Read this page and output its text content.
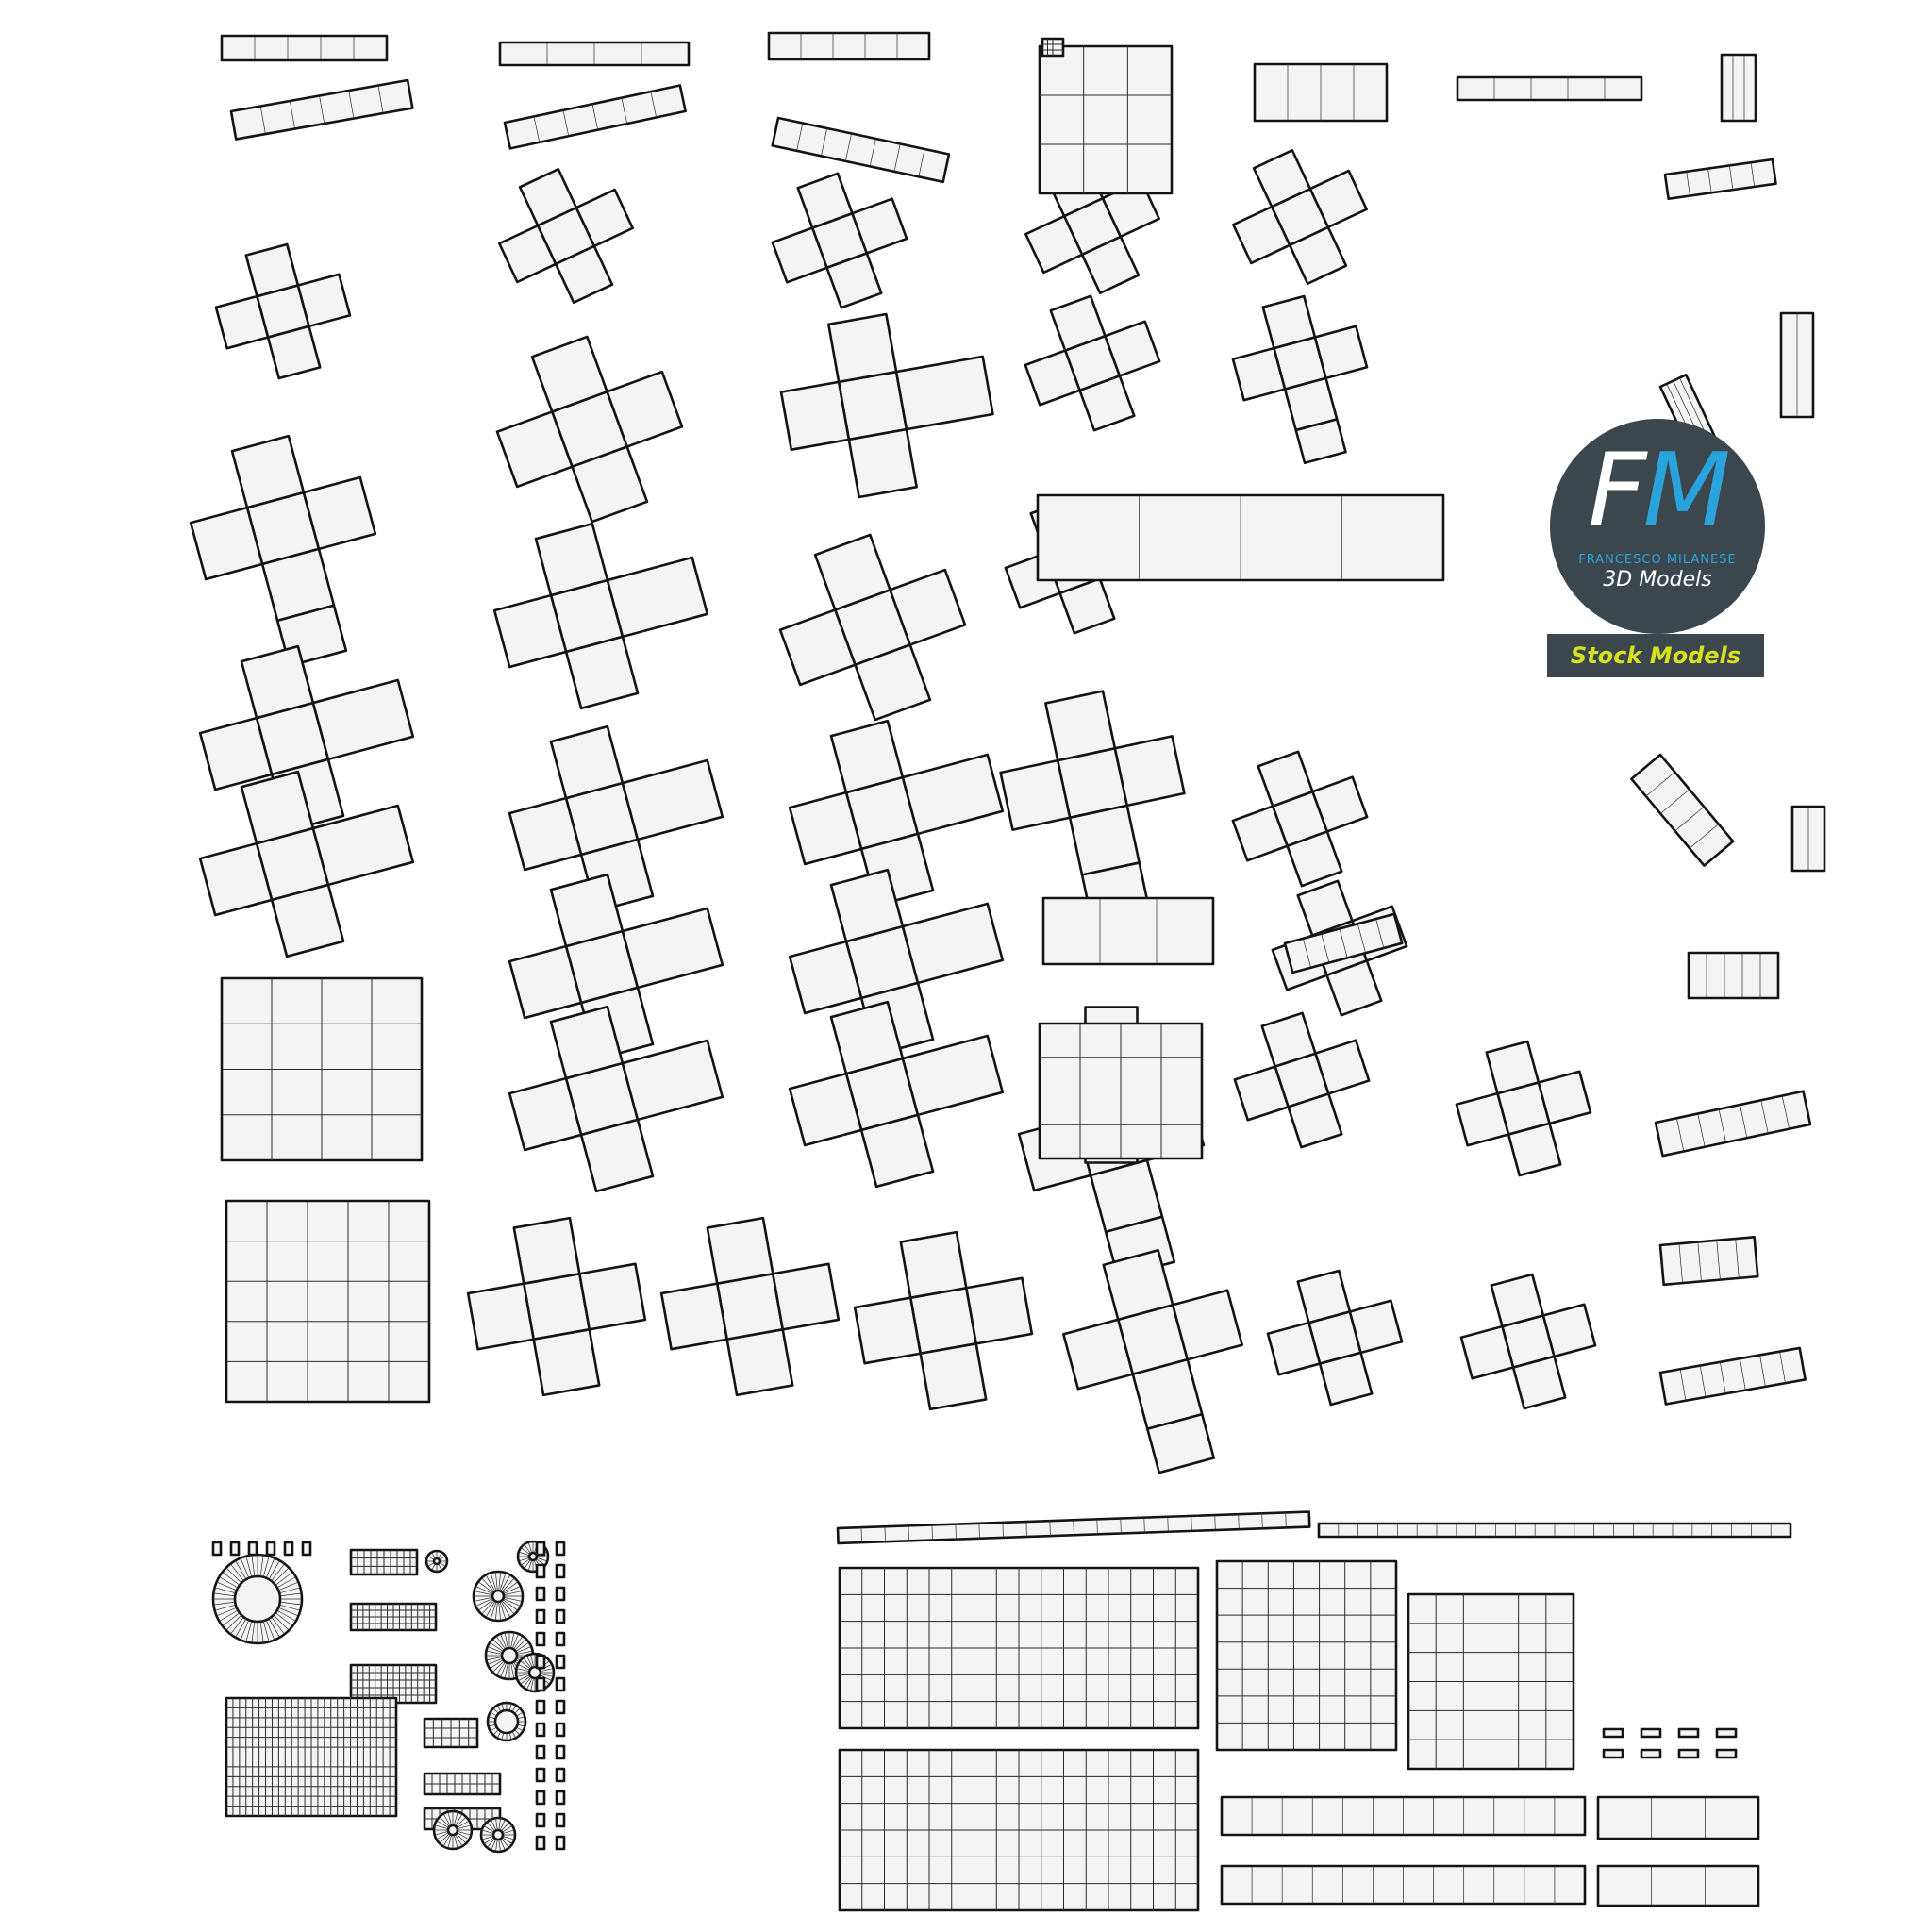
FM
FRANCESCO MILANESE
3D Models
Stock Models
